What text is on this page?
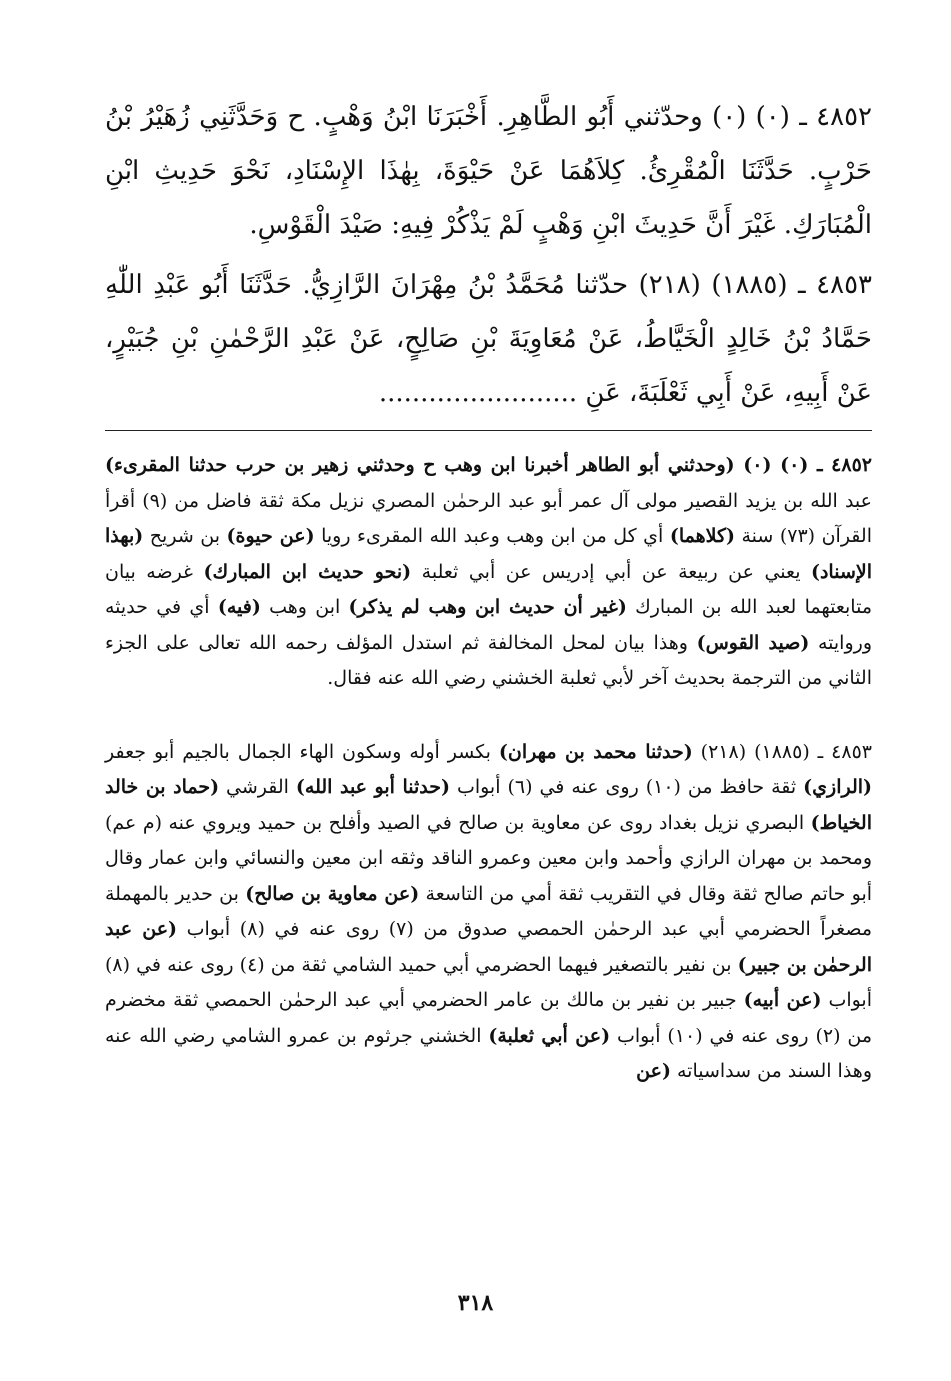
٤٨٥٢ ـ (٠) (٠) وحدّثني أَبُو الطَّاهِرِ. أَخْبَرَنَا ابْنُ وَهْبٍ. ح وَحَدَّثَنِي زُهَيْرُ بْنُ حَرْبٍ. حَدَّثَنَا الْمُقْرِئُ. كِلاَهُمَا عَنْ حَيْوَةَ، بِهٰذَا الإِسْنَادِ، نَحْوَ حَدِيثِ ابْنِ الْمُبَارَكِ. غَيْرَ أَنَّ حَدِيثَ ابْنِ وَهْبٍ لَمْ يَذْكُرْ فِيهِ: صَيْدَ الْقَوْسِ.

٤٨٥٣ ـ (١٨٨٥) (٢١٨) حدّثنا مُحَمَّدُ بْنُ مِهْرَانَ الرَّازِيُّ. حَدَّثَنَا أَبُو عَبْدِ اللّٰهِ حَمَّادُ بْنُ خَالِدٍ الْخَيَّاطُ، عَنْ مُعَاوِيَةَ بْنِ صَالِحٍ، عَنْ عَبْدِ الرَّحْمٰنِ بْنِ جُبَيْرٍ، عَنْ أَبِيهِ، عَنْ أَبِي ثَعْلَبَةَ، عَنِ ........................

٤٨٥٢ ـ (٠) (٠) (وحدثني أبو الطاهر أخبرنا ابن وهب ح وحدثني زهير بن حرب حدثنا المقرىء) عبد الله بن يزيد القصير مولى آل عمر أبو عبد الرحمٰن المصري نزيل مكة ثقة فاضل من (٩) أقرأ القرآن (٧٣) سنة (كلاهما) أي كل من ابن وهب وعبد الله المقرىء رويا (عن حيوة) بن شريح (بهذا الإسناد) يعني عن ربيعة عن أبي إدريس عن أبي ثعلبة (نحو حديث ابن المبارك) غرضه بيان متابعتهما لعبد الله بن المبارك (غير أن حديث ابن وهب لم يذكر) ابن وهب (فيه) أي في حديثه وروايته (صيد القوس) وهذا بيان لمحل المخالفة ثم استدل المؤلف رحمه الله تعالى على الجزء الثاني من الترجمة بحديث آخر لأبي ثعلبة الخشني رضي الله عنه فقال.

٤٨٥٣ ـ (١٨٨٥) (٢١٨) (حدثنا محمد بن مهران) بكسر أوله وسكون الهاء الجمال بالجيم أبو جعفر (الرازي) ثقة حافظ من (١٠) روى عنه في (٦) أبواب (حدثنا أبو عبد الله) القرشي (حماد بن خالد الخياط) البصري نزيل بغداد روى عن معاوية بن صالح في الصيد وأفلح بن حميد ويروي عنه (م عم) ومحمد بن مهران الرازي وأحمد وابن معين وعمرو الناقد وثقه ابن معين والنسائي وابن عمار وقال أبو حاتم صالح ثقة وقال في التقريب ثقة أمي من التاسعة (عن معاوية بن صالح) بن حدير بالمهملة مصغراً الحضرمي أبي عبد الرحمٰن الحمصي صدوق من (٧) روى عنه في (٨) أبواب (عن عبد الرحمٰن بن جبير) بن نفير بالتصغير فيهما الحضرمي أبي حميد الشامي ثقة من (٤) روى عنه في (٨) أبواب (عن أبيه) جبير بن نفير بن مالك بن عامر الحضرمي أبي عبد الرحمٰن الحمصي ثقة مخضرم من (٢) روى عنه في (١٠) أبواب (عن أبي ثعلبة) الخشني جرثوم بن عمرو الشامي رضي الله عنه وهذا السند من سداسياته (عن

٣١٨
